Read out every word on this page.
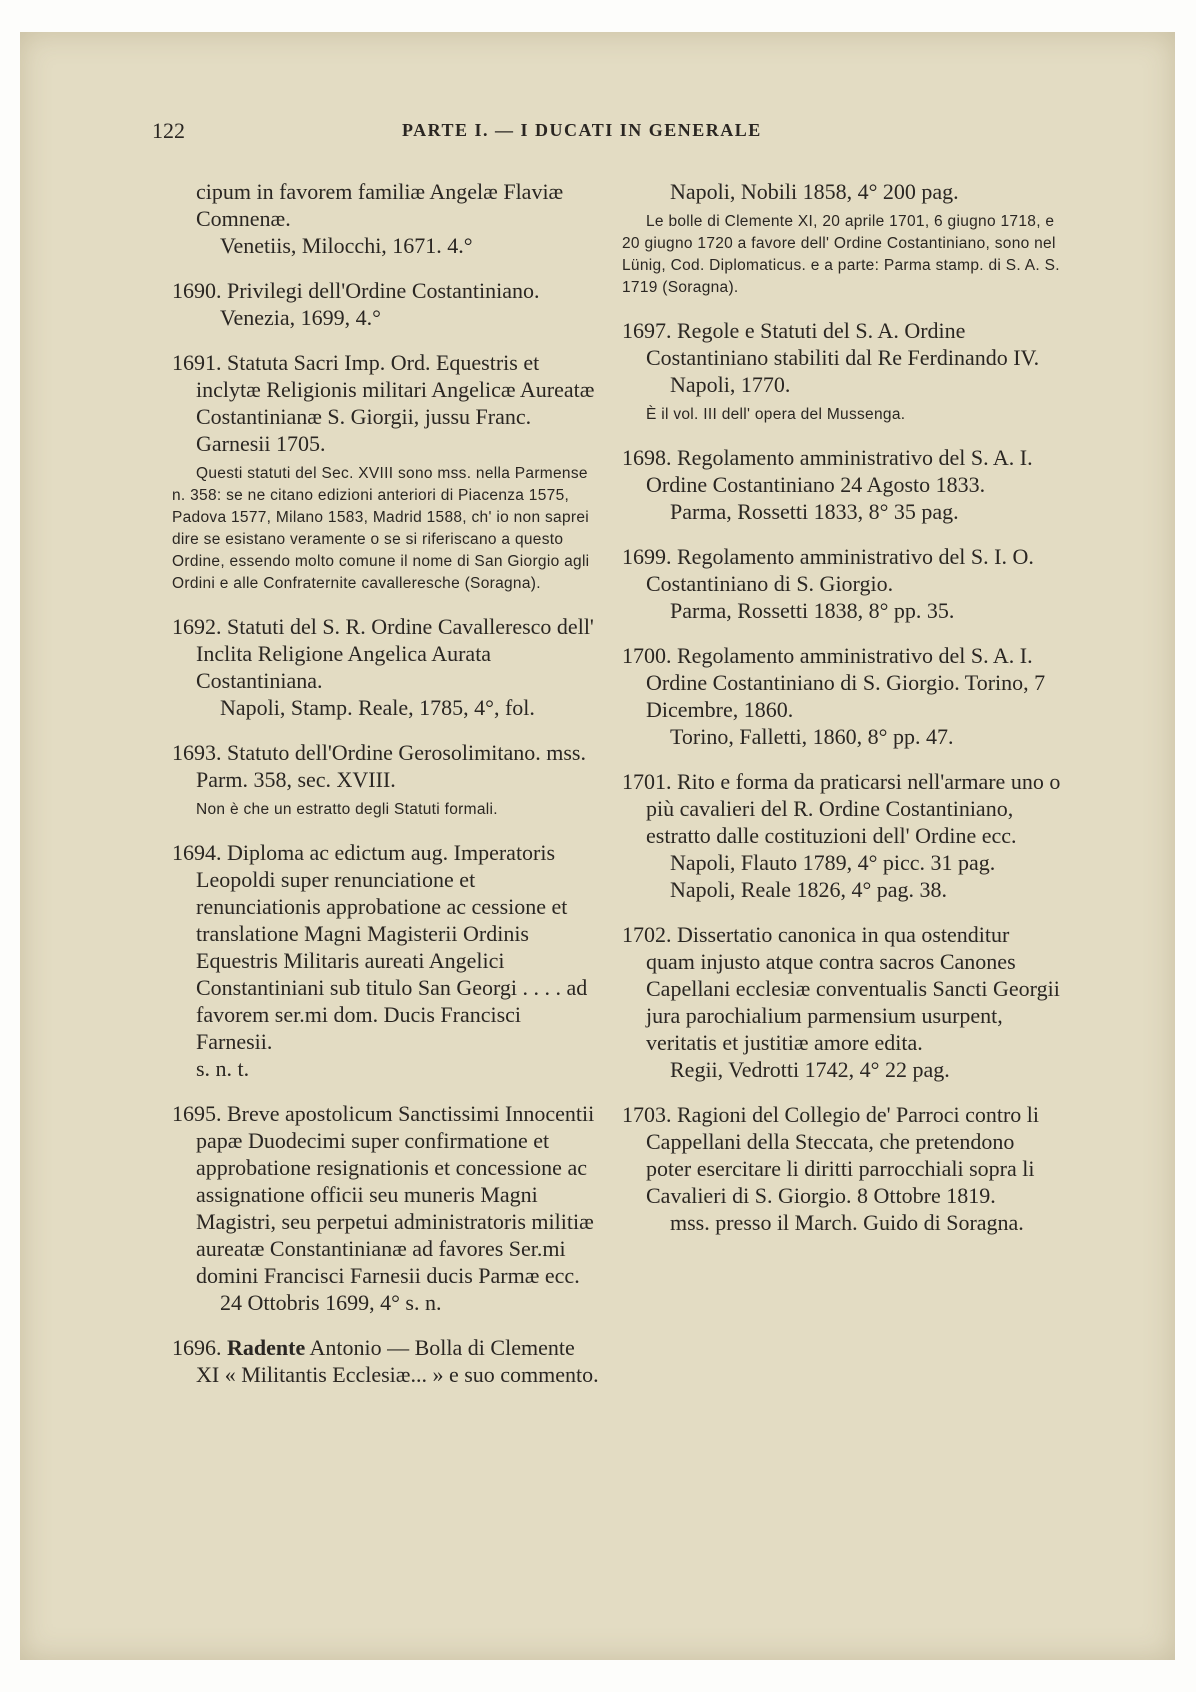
122	PARTE I. — I DUCATI IN GENERALE
cipum in favorem familiæ Angelæ Flaviæ Comnenæ.
Venetiis, Milocchi, 1671. 4.°
1690. Privilegi dell'Ordine Costantiniano.
Venezia, 1699, 4.°
1691. Statuta Sacri Imp. Ord. Equestris et inclytæ Religionis militari Angelicæ Aureatæ Costantinianæ S. Giorgii, jussu Franc. Garnesii 1705.
Questi statuti del Sec. XVIII sono mss. nella Parmense n. 358: se ne citano edizioni anteriori di Piacenza 1575, Padova 1577, Milano 1583, Madrid 1588, ch' io non saprei dire se esistano veramente o se si riferiscano a questo Ordine, essendo molto comune il nome di San Giorgio agli Ordini e alle Confraternite cavalleresche (Soragna).
1692. Statuti del S. R. Ordine Cavalleresco dell' Inclita Religione Angelica Aurata Costantiniana.
Napoli, Stamp. Reale, 1785, 4°, fol.
1693. Statuto dell'Ordine Gerosolimitano. mss. Parm. 358, sec. XVIII.
Non è che un estratto degli Statuti formali.
1694. Diploma ac edictum aug. Imperatoris Leopoldi super renunciatione et renunciationis approbatione ac cessione et translatione Magni Magisterii Ordinis Equestris Militaris aureati Angelici Constantiniani sub titulo San Georgi . . . . ad favorem ser.mi dom. Ducis Francisci Farnesii.
s. n. t.
1695. Breve apostolicum Sanctissimi Innocentii papæ Duodecimi super confirmatione et approbatione resignationis et concessione ac assignatione officii seu muneris Magni Magistri, seu perpetui administratoris militiæ aureatæ Constantinianæ ad favores Ser.mi domini Francisci Farnesii ducis Parmæ ecc.
24 Ottobris 1699, 4° s. n.
1696. Radente Antonio — Bolla di Clemente XI « Militantis Ecclesiæ... » e suo commento.
Napoli, Nobili 1858, 4° 200 pag.
Le bolle di Clemente XI, 20 aprile 1701, 6 giugno 1718, e 20 giugno 1720 a favore dell' Ordine Costantiniano, sono nel Lünig, Cod. Diplomaticus. e a parte: Parma stamp. di S. A. S. 1719 (Soragna).
1697. Regole e Statuti del S. A. Ordine Costantiniano stabiliti dal Re Ferdinando IV.
Napoli, 1770.
È il vol. III dell' opera del Mussenga.
1698. Regolamento amministrativo del S. A. I. Ordine Costantiniano 24 Agosto 1833.
Parma, Rossetti 1833, 8° 35 pag.
1699. Regolamento amministrativo del S. I. O. Costantiniano di S. Giorgio.
Parma, Rossetti 1838, 8° pp. 35.
1700. Regolamento amministrativo del S. A. I. Ordine Costantiniano di S. Giorgio. Torino, 7 Dicembre, 1860.
Torino, Falletti, 1860, 8° pp. 47.
1701. Rito e forma da praticarsi nell'armare uno o più cavalieri del R. Ordine Costantiniano, estratto dalle costituzioni dell' Ordine ecc.
Napoli, Flauto 1789, 4° picc. 31 pag.
Napoli, Reale 1826, 4° pag. 38.
1702. Dissertatio canonica in qua ostenditur quam injusto atque contra sacros Canones Capellani ecclesiæ conventualis Sancti Georgii jura parochialium parmensium usurpent, veritatis et justitiæ amore edita.
Regii, Vedrotti 1742, 4° 22 pag.
1703. Ragioni del Collegio de' Parroci contro li Cappellani della Steccata, che pretendono poter esercitare li diritti parrocchiali sopra li Cavalieri di S. Giorgio. 8 Ottobre 1819.
mss. presso il March. Guido di Soragna.
